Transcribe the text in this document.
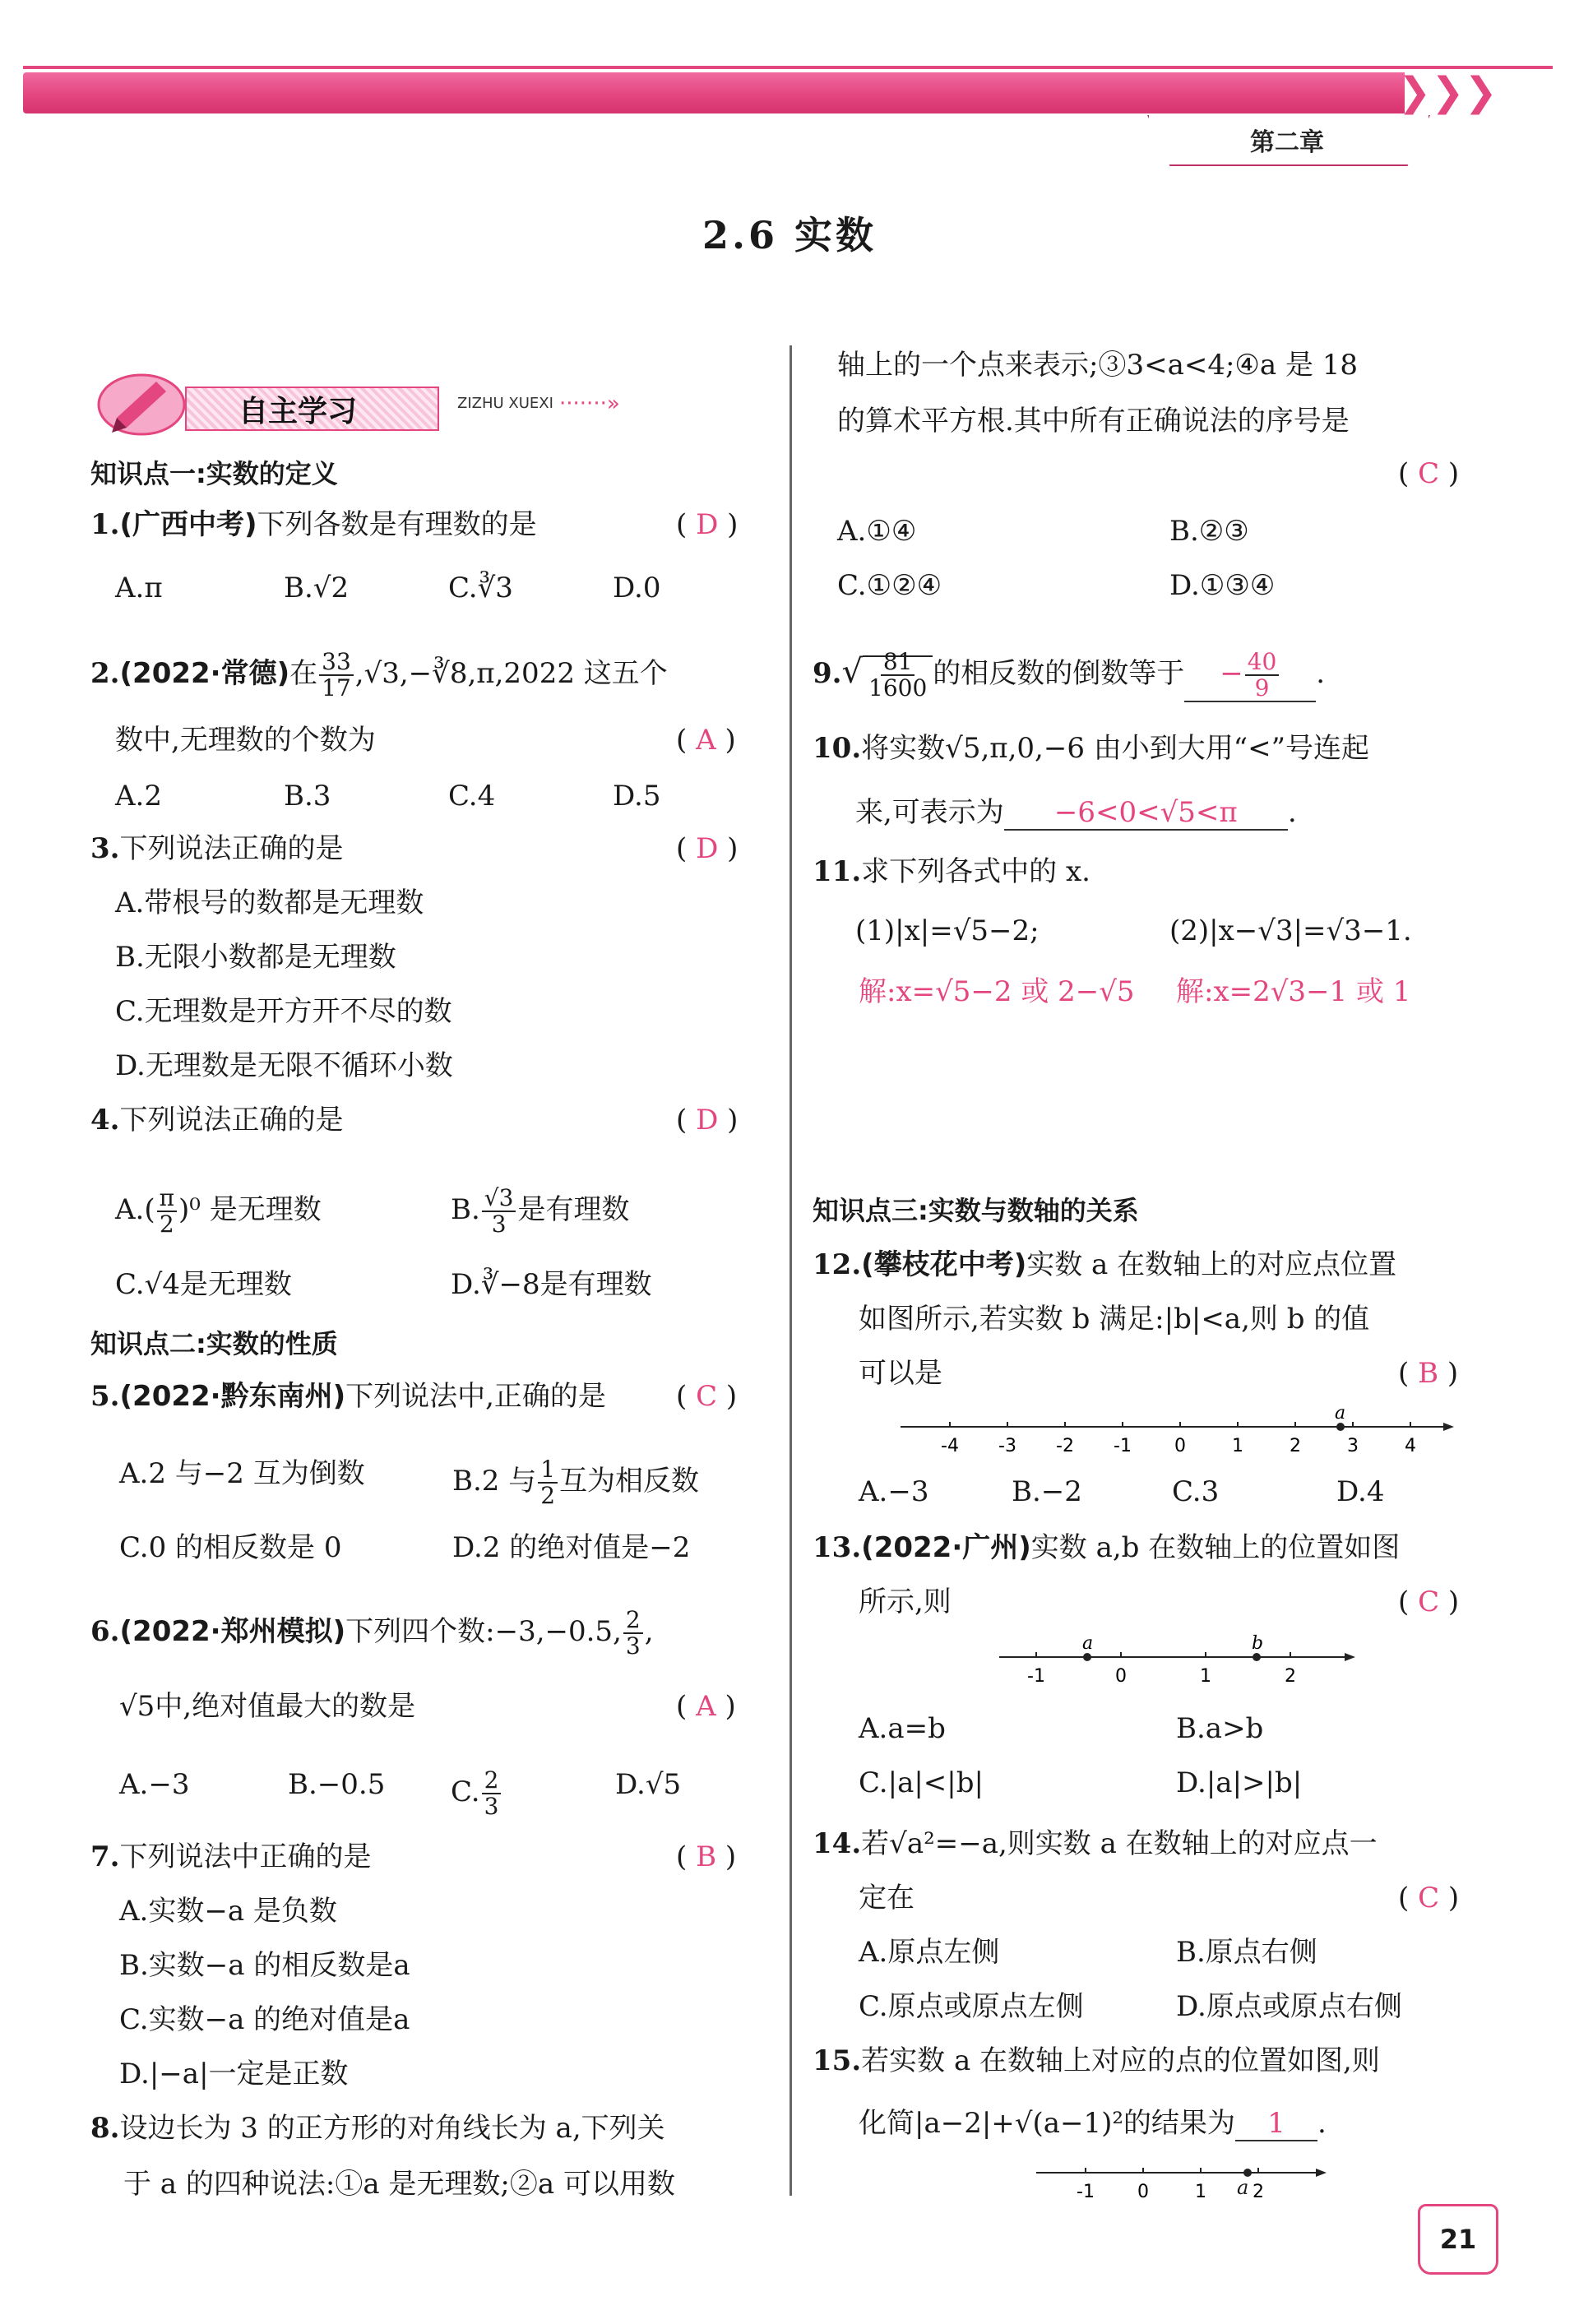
❯❯❯
第二章
2.6 实数
自主学习	ZIZHU XUEXI ·······»
知识点一:实数的定义
1.(广西中考)下列各数是有理数的是	( D )
A.π	B.√2	C.∛3	D.0
2.(2022·常德)在 $\frac{33}{17}$ ,√3,−∛8,π,2022 这五个
数中,无理数的个数为	( A )
A.2	B.3	C.4	D.5
3.下列说法正确的是	( D )
A.带根号的数都是无理数
B.无限小数都是无理数
C.无理数是开方开不尽的数
D.无理数是无限不循环小数
4.下列说法正确的是	( D )
$A.( \frac{\pi}{2} )^0$ 是无理数	B. $\frac{√3}{3}$ 是有理数
C.√4是无理数	D.∛−8是有理数
知识点二:实数的性质
5.(2022·黔东南州)下列说法中,正确的是	( C )
A.2 与−2 互为倒数	B.2 与 $\frac{1}{2}$ 互为相反数
C.0 的相反数是 0	D.2 的绝对值是−2
6.(2022·郑州模拟)下列四个数:−3,−0.5, $\frac{2}{3}$ ,
√5中,绝对值最大的数是	( A )
A.−3	B.−0.5 C. $\frac{2}{3}$	D.√5
7.下列说法中正确的是	( B )
A.实数−a 是负数
B.实数−a 的相反数是a
C.实数−a 的绝对值是a
D.|−a|一定是正数
8.设边长为 3 的正方形的对角线长为 a,下列关
于 a 的四种说法:①a 是无理数;②a 可以用数
轴上的一个点来表示;③3<a<4;④a 是 18
的算术平方根.其中所有正确说法的序号是
( C )
A.①④	B.②③
C.①②④	D.①③④
$9.√ \frac{81}{1600}$ 的相反数的倒数等于 − $\frac{40}{9}$ .
10.将实数√5,π,0,−6 由小到大用“<”号连起
来,可表示为 −6<0<√5<π .
11.求下列各式中的 x.
(1)|x|=√5−2;	(2)|x−√3|=√3−1.
解:x=√5−2 或 2−√5 解:x=2√3−1 或 1
知识点三:实数与数轴的关系
12.(攀枝花中考)实数 a 在数轴上的对应点位置
如图所示,若实数 b 满足:|b|<a,则 b 的值
可以是	( B )
-4 -3 -2 -1 0	1	2	3	4
a
A.−3	B.−2	C.3	D.4
13.(2022·广州)实数 a,b 在数轴上的位置如图
所示,则	( C )
-1	0	1	2
a	b
A.a=b	B.a>b
C.|a|<|b|	D.|a|>|b|
14.若√a²=−a,则实数 a 在数轴上的对应点一
定在	( C )
A.原点左侧	B.原点右侧
C.原点或原点左侧	D.原点或原点右侧
15.若实数 a 在数轴上对应的点的位置如图,则
化简|a−2|+√(a−1)²的结果为 1 .
-1 0	1	2
a
21
